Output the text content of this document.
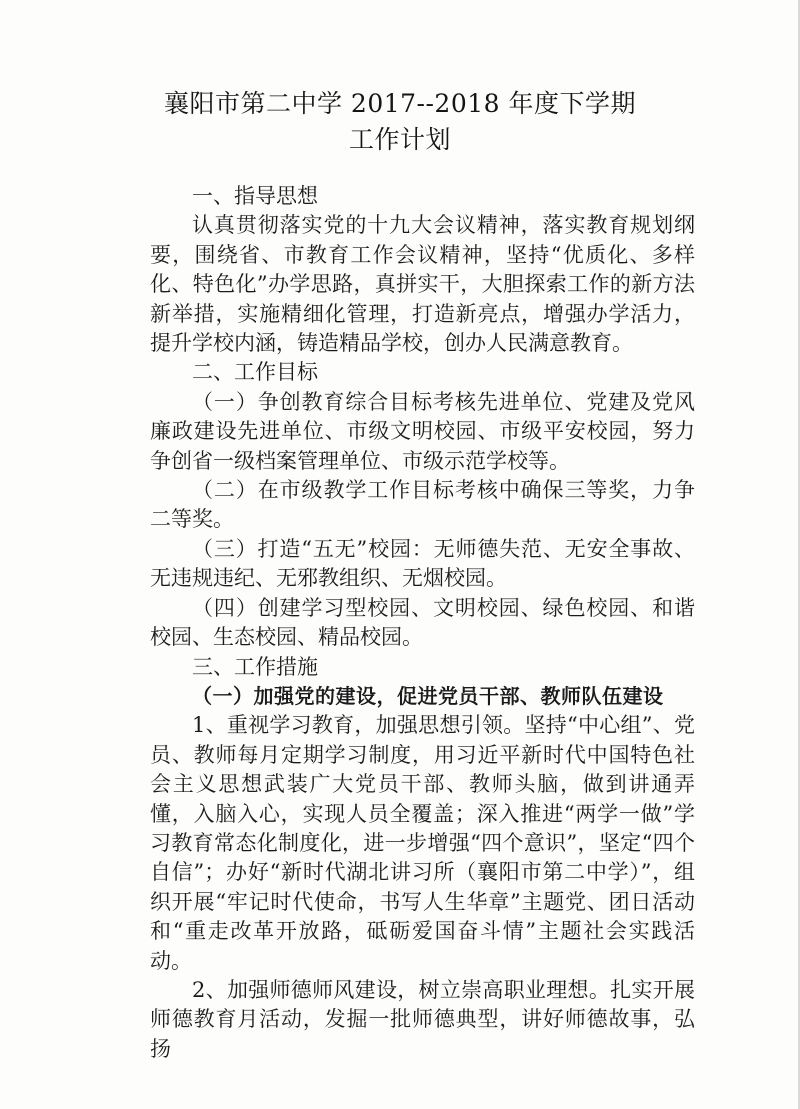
襄阳市第二中学 2017--2018 年度下学期
工作计划

一、指导思想

认真贯彻落实党的十九大会议精神，落实教育规划纲要，围绕省、市教育工作会议精神，坚持“优质化、多样化、特色化”办学思路，真拼实干，大胆探索工作的新方法新举措，实施精细化管理，打造新亮点，增强办学活力，提升学校内涵，铸造精品学校，创办人民满意教育。

二、工作目标

（一）争创教育综合目标考核先进单位、党建及党风廉政建设先进单位、市级文明校园、市级平安校园，努力争创省一级档案管理单位、市级示范学校等。

（二）在市级教学工作目标考核中确保三等奖，力争二等奖。

（三）打造“五无”校园：无师德失范、无安全事故、无违规违纪、无邪教组织、无烟校园。

（四）创建学习型校园、文明校园、绿色校园、和谐校园、生态校园、精品校园。

三、工作措施

（一）加强党的建设，促进党员干部、教师队伍建设

1、重视学习教育，加强思想引领。坚持“中心组”、党员、教师每月定期学习制度，用习近平新时代中国特色社会主义思想武装广大党员干部、教师头脑，做到讲通弄懂，入脑入心，实现人员全覆盖；深入推进“两学一做”学习教育常态化制度化，进一步增强“四个意识”，坚定“四个自信”；办好“新时代湖北讲习所（襄阳市第二中学）”，组织开展“牢记时代使命，书写人生华章”主题党、团日活动和“重走改革开放路，砥砺爱国奋斗情”主题社会实践活动。

2、加强师德师风建设，树立崇高职业理想。扎实开展师德教育月活动，发掘一批师德典型，讲好师德故事，弘扬
